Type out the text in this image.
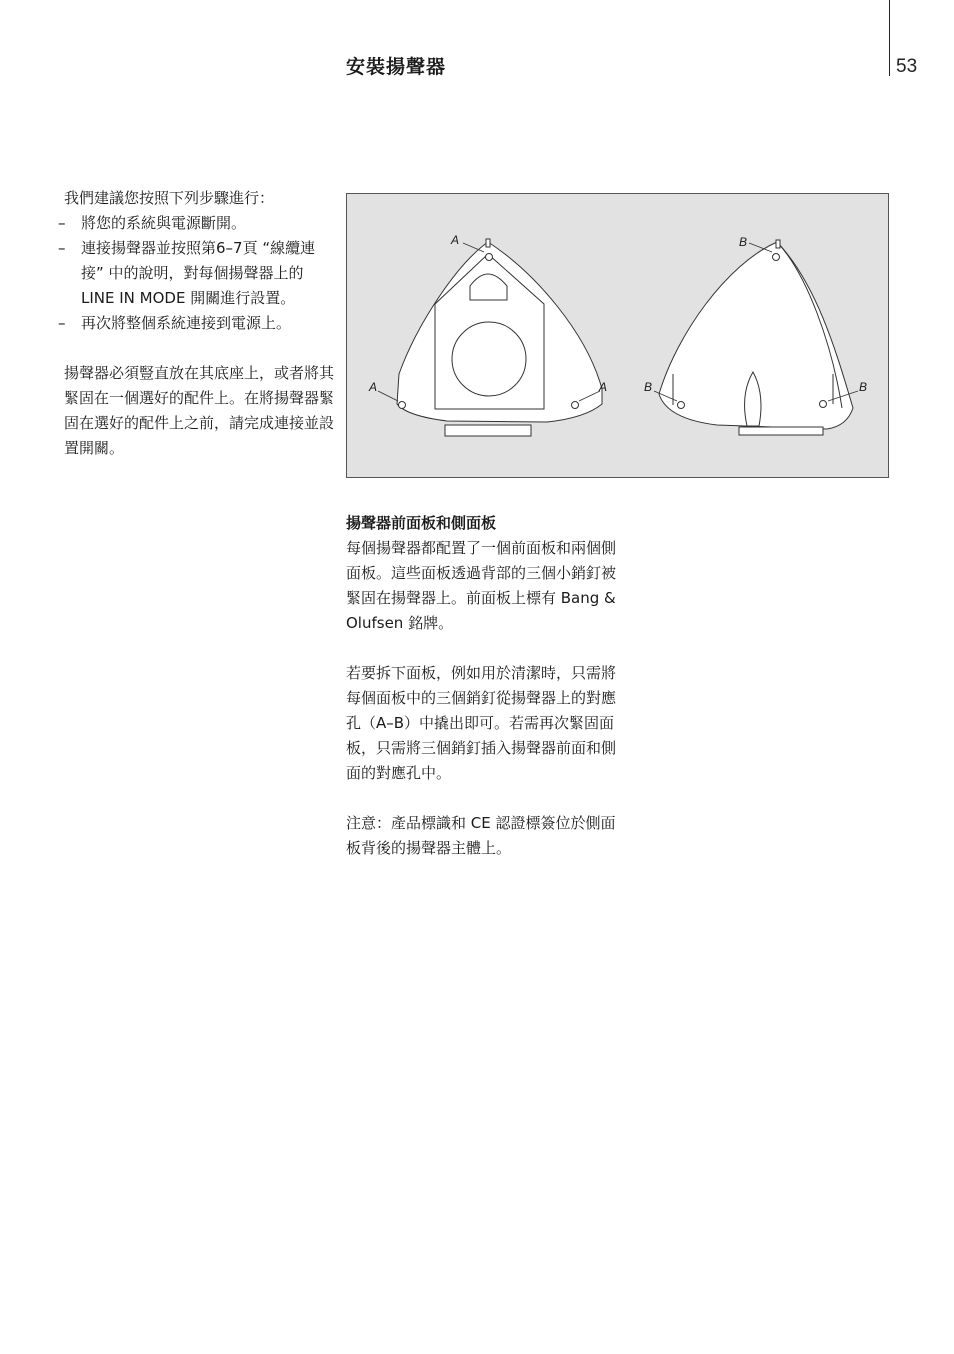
53
安裝揚聲器

我們建議您按照下列步驟進行：

– 將您的系統與電源斷開。
– 連接揚聲器並按照第6–7頁 “線纜連接” 中的說明，對每個揚聲器上的 LINE IN MODE 開關進行設置。
– 再次將整個系統連接到電源上。

揚聲器必須豎直放在其底座上，或者將其緊固在一個選好的配件上。在將揚聲器緊固在選好的配件上之前，請完成連接並設置開關。

A
A	A
B
B	B

揚聲器前面板和側面板

每個揚聲器都配置了一個前面板和兩個側面板。這些面板透過背部的三個小銷釘被緊固在揚聲器上。前面板上標有 Bang & Olufsen 銘牌。

若要拆下面板，例如用於清潔時，只需將每個面板中的三個銷釘從揚聲器上的對應孔（A–B）中撬出即可。若需再次緊固面板，只需將三個銷釘插入揚聲器前面和側面的對應孔中。

注意：產品標識和 CE 認證標簽位於側面板背後的揚聲器主體上。
